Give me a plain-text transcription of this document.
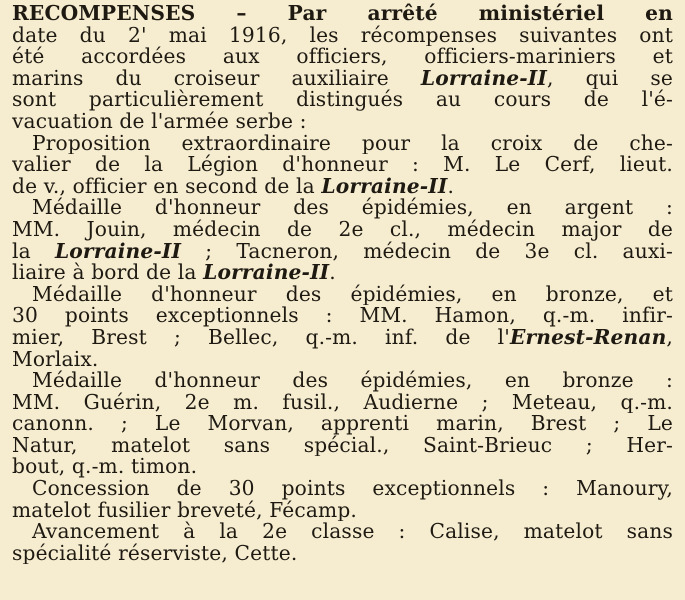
RECOMPENSES – Par arrêté ministériel en
date du 2' mai 1916, les récompenses suivantes ont
été accordées aux officiers, officiers-mariniers et
marins du croiseur auxiliaire Lorraine-II, qui se
sont particulièrement distingués au cours de l'é-
vacuation de l'armée serbe :
Proposition extraordinaire pour la croix de che-
valier de la Légion d'honneur : M. Le Cerf, lieut.
de v., officier en second de la Lorraine-II.
Médaille d'honneur des épidémies, en argent :
MM. Jouin, médecin de 2e cl., médecin major de
la Lorraine-II ; Tacneron, médecin de 3e cl. auxi-
liaire à bord de la Lorraine-II.
Médaille d'honneur des épidémies, en bronze, et
30 points exceptionnels : MM. Hamon, q.-m. infir-
mier, Brest ; Bellec, q.-m. inf. de l'Ernest-Renan,
Morlaix.
Médaille d'honneur des épidémies, en bronze :
MM. Guérin, 2e m. fusil., Audierne ; Meteau, q.-m.
canonn. ; Le Morvan, apprenti marin, Brest ; Le
Natur, matelot sans spécial., Saint-Brieuc ; Her-
bout, q.-m. timon.
Concession de 30 points exceptionnels : Manoury,
matelot fusilier breveté, Fécamp.
Avancement à la 2e classe : Calise, matelot sans
spécialité réserviste, Cette.
